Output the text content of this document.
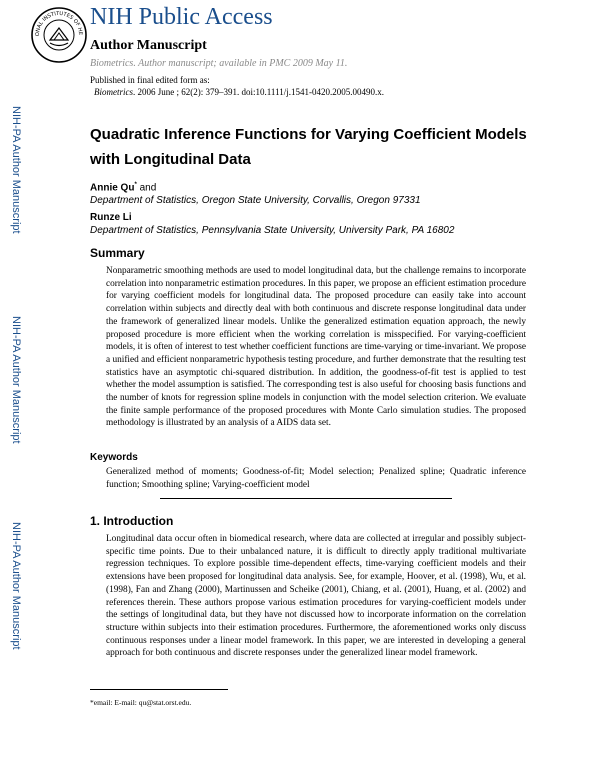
NIH-PA Author Manuscript
NIH-PA Author Manuscript
NIH-PA Author Manuscript
ONAL INSTITUTES OF HE
NIH Public Access
Author Manuscript
Biometrics. Author manuscript; available in PMC 2009 May 11.
Published in final edited form as:
Biometrics. 2006 June ; 62(2): 379–391. doi:10.1111/j.1541-0420.2005.00490.x.
Quadratic Inference Functions for Varying Coefficient Models with Longitudinal Data
Annie Qu* and
Department of Statistics, Oregon State University, Corvallis, Oregon 97331
Runze Li
Department of Statistics, Pennsylvania State University, University Park, PA 16802
Summary

Nonparametric smoothing methods are used to model longitudinal data, but the challenge remains to incorporate correlation into nonparametric estimation procedures. In this paper, we propose an efficient estimation procedure for varying coefficient models for longitudinal data. The proposed procedure can easily take into account correlation within subjects and directly deal with both continuous and discrete response longitudinal data under the framework of generalized linear models. Unlike the generalized estimation equation approach, the newly proposed procedure is more efficient when the working correlation is misspecified. For varying-coefficient models, it is often of interest to test whether coefficient functions are time-varying or time-invariant. We propose a unified and efficient nonparametric hypothesis testing procedure, and further demonstrate that the resulting test statistics have an asymptotic chi-squared distribution. In addition, the goodness-of-fit test is applied to test whether the model assumption is satisfied. The corresponding test is also useful for choosing basis functions and the number of knots for regression spline models in conjunction with the model selection criterion. We evaluate the finite sample performance of the proposed procedures with Monte Carlo simulation studies. The proposed methodology is illustrated by an analysis of a AIDS data set.

Keywords

Generalized method of moments; Goodness-of-fit; Model selection; Penalized spline; Quadratic inference function; Smoothing spline; Varying-coefficient model

1. Introduction

Longitudinal data occur often in biomedical research, where data are collected at irregular and possibly subject-specific time points. Due to their unbalanced nature, it is difficult to directly apply traditional multivariate regression techniques. To explore possible time-dependent effects, time-varying coefficient models and their extensions have been proposed for longitudinal data analysis. See, for example, Hoover, et al. (1998), Wu, et al. (1998), Fan and Zhang (2000), Martinussen and Scheike (2001), Chiang, et al. (2001), Huang, et al. (2002) and references therein. These authors propose various estimation procedures for varying-coefficient models under the settings of longitudinal data, but they have not discussed how to incorporate information on the correlation structure within subjects into their estimation procedures. Furthermore, the aforementioned works only discuss continuous responses under a linear model framework. In this paper, we are interested in developing a general approach for both continuous and discrete responses under the generalized linear model framework.

*email: E-mail: qu@stat.orst.edu.
